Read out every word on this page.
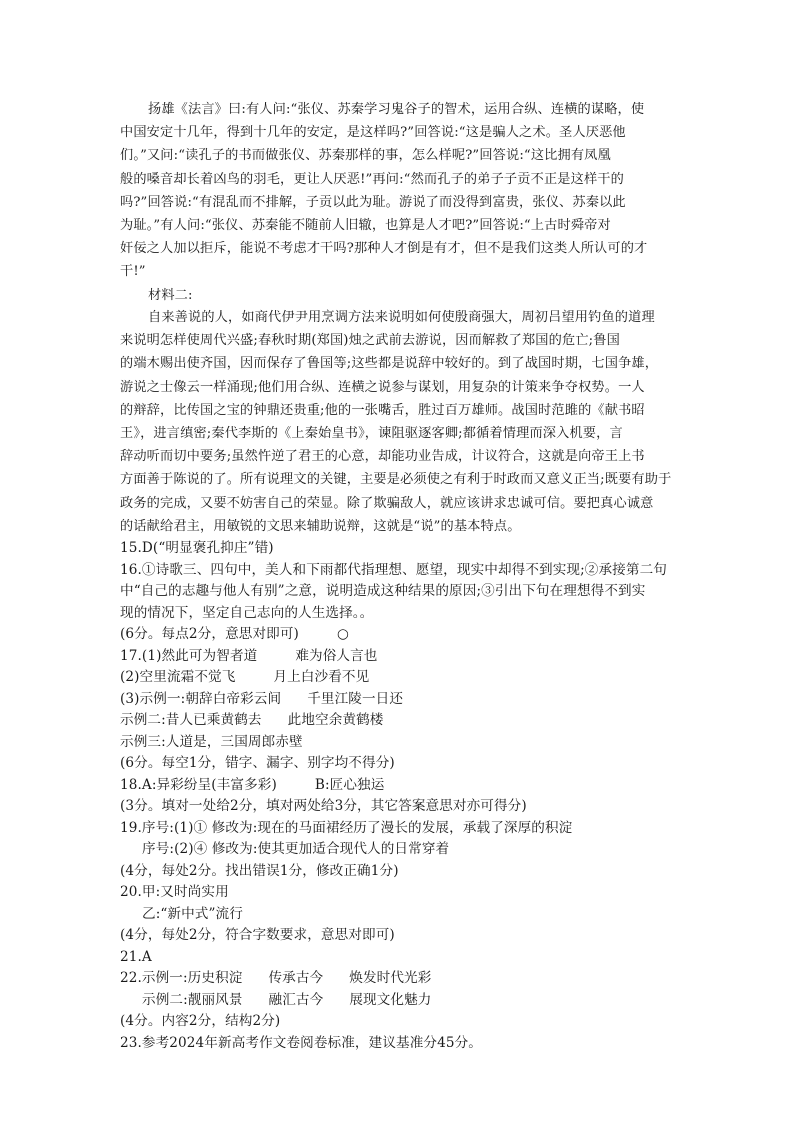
扬雄《法言》曰:有人问:“张仪、苏秦学习鬼谷子的智术，运用合纵、连横的谋略，使
中国安定十几年，得到十几年的安定，是这样吗?”回答说:“这是骗人之术。圣人厌恶他
们。”又问:“读孔子的书而做张仪、苏秦那样的事，怎么样呢?”回答说:“这比拥有凤凰
般的嗓音却长着凶鸟的羽毛，更让人厌恶!”再问:“然而孔子的弟子子贡不正是这样干的
吗?”回答说:“有混乱而不排解，子贡以此为耻。游说了而没得到富贵，张仪、苏秦以此
为耻。”有人问:“张仪、苏秦能不随前人旧辙，也算是人才吧?”回答说:“上古时舜帝对
奸佞之人加以拒斥，能说不考虑才干吗?那种人才倒是有才，但不是我们这类人所认可的才
干!”
材料二:
自来善说的人，如商代伊尹用烹调方法来说明如何使殷商强大，周初吕望用钓鱼的道理
来说明怎样使周代兴盛;春秋时期(郑国)烛之武前去游说，因而解救了郑国的危亡;鲁国
的端木赐出使齐国，因而保存了鲁国等;这些都是说辞中较好的。到了战国时期，七国争雄，
游说之士像云一样涌现;他们用合纵、连横之说参与谋划，用复杂的计策来争夺权势。一人
的辩辞，比传国之宝的钟鼎还贵重;他的一张嘴舌，胜过百万雄师。战国时范雎的《献书昭
王》，进言缜密;秦代李斯的《上秦始皇书》，谏阻驱逐客卿;都循着情理而深入机要，言
辞动听而切中要务;虽然忤逆了君王的心意，却能功业告成，计议符合，这就是向帝王上书
方面善于陈说的了。所有说理文的关键，主要是必须使之有利于时政而又意义正当;既要有助于
政务的完成，又要不妨害自己的荣显。除了欺骗敌人，就应该讲求忠诚可信。要把真心诚意
的话献给君主，用敏锐的文思来辅助说辩，这就是“说”的基本特点。
15.D(“明显褒孔抑庄”错)
16.①诗歌三、四句中，美人和下雨都代指理想、愿望，现实中却得不到实现;②承接第二句
中“自己的志趣与他人有别”之意，说明造成这种结果的原因;③引出下句在理想得不到实
现的情况下，坚定自己志向的人生选择。。
(6分。每点2分，意思对即可)	○
17.(1)然此可为智者道	难为俗人言也
(2)空里流霜不觉飞	月上白沙看不见
(3)示例一:朝辞白帝彩云间 千里江陵一日还
示例二:昔人已乘黄鹤去 此地空余黄鹤楼
示例三:人道是，三国周郎赤壁
(6分。每空1分，错字、漏字、别字均不得分)
18.A:异彩纷呈(丰富多彩)	B:匠心独运
(3分。填对一处给2分，填对两处给3分，其它答案意思对亦可得分)
19.序号:(1)① 修改为:现在的马面裙经历了漫长的发展，承载了深厚的积淀
序号:(2)④ 修改为:使其更加适合现代人的日常穿着
(4分，每处2分。找出错误1分，修改正确1分)
20.甲:又时尚实用
乙:“新中式”流行
(4分，每处2分，符合字数要求，意思对即可)
21.A
22.示例一:历史积淀 传承古今 焕发时代光彩
示例二:靓丽风景 融汇古今 展现文化魅力
(4分。内容2分，结构2分)
23.参考2024年新高考作文卷阅卷标准，建议基准分45分。
